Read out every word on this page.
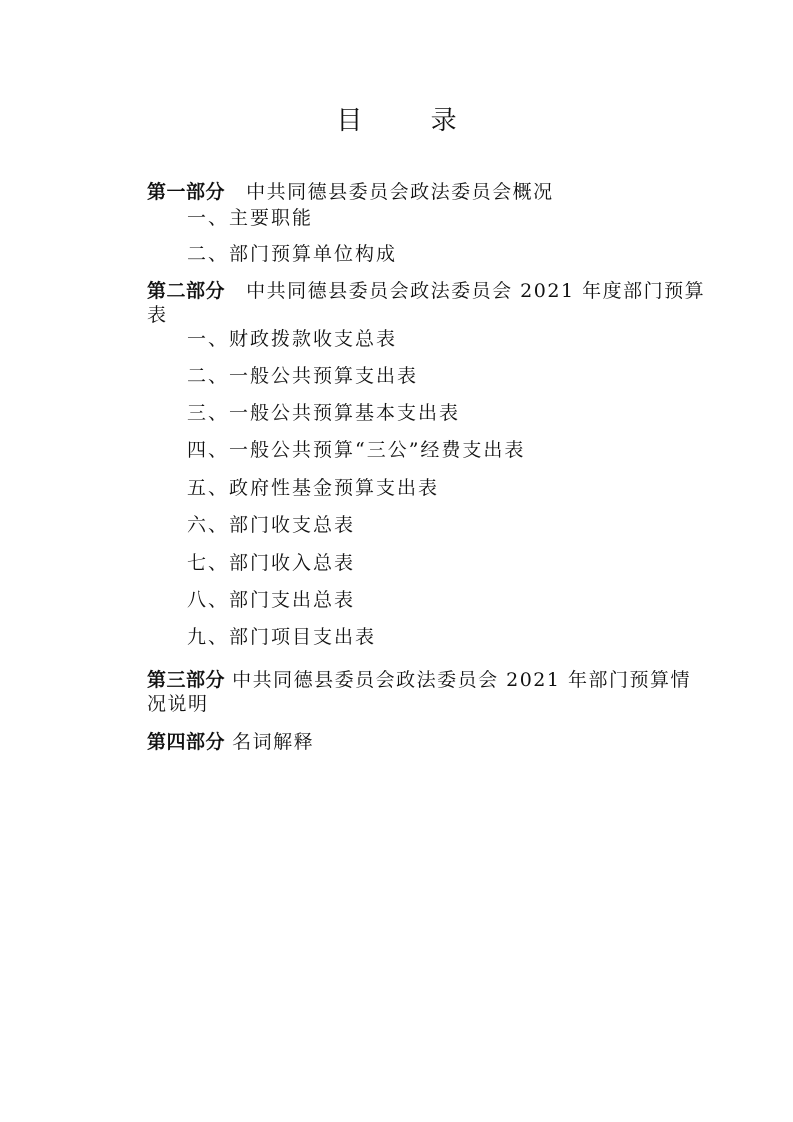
目 录
第一部分 中共同德县委员会政法委员会概况
一、主要职能
二、部门预算单位构成
第二部分 中共同德县委员会政法委员会 2021 年度部门预算表
一、财政拨款收支总表
二、一般公共预算支出表
三、一般公共预算基本支出表
四、一般公共预算“三公”经费支出表
五、政府性基金预算支出表
六、部门收支总表
七、部门收入总表
八、部门支出总表
九、部门项目支出表
第三部分 中共同德县委员会政法委员会 2021 年部门预算情况说明
第四部分 名词解释
